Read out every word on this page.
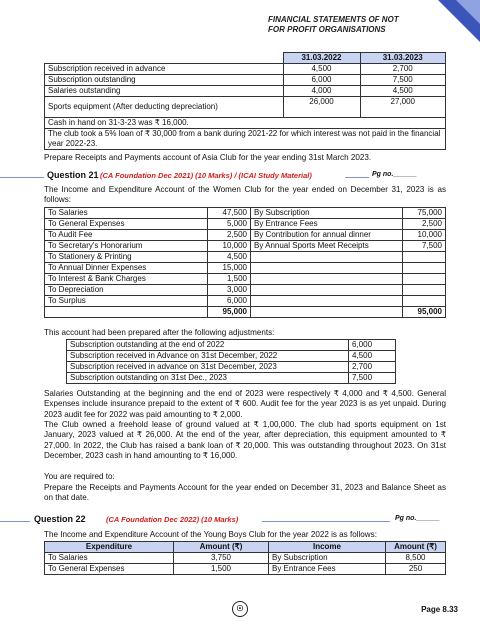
FINANCIAL STATEMENTS OF NOT
FOR PROFIT ORGANISATIONS
	31.03.2022	31.03.2023
Subscription received in advance	4,500	2,700
Subscription outstanding	6,000	7,500
Salaries outstanding	4,000	4,500
Sports equipment (After deducting depreciation)	26,000	27,000
Cash in hand on 31-3-23 was ₹ 16,000.		
The club took a 5% loan of ₹ 30,000 from a bank during 2021-22 for which interest was not paid in the financial year 2022-23.		
Prepare Receipts and Payments account of Asia Club for the year ending 31st March 2023.
Question 21 (CA Foundation Dec 2021) (10 Marks) / (ICAI Study Material)	Pg no.______
The Income and Expenditure Account of the Women Club for the year ended on December 31, 2023 is as follows:
To Salaries	47,500	By Subscription	75,000
To General Expenses	5,000	By Entrance Fees	2,500
To Audit Fee	2,500	By Contribution for annual dinner	10,000
To Secretary's Honorarium	10,000	By Annual Sports Meet Receipts	7,500
To Stationery & Printing	4,500		
To Annual Dinner Expenses	15,000		
To Interest & Bank Charges	1,500		
To Depreciation	3,000		
To Surplus	6,000		
	95,000		95,000
This account had been prepared after the following adjustments:
Subscription outstanding at the end of 2022	6,000
Subscription received in Advance on 31st December, 2022	4,500
Subscription received in advance on 31st December, 2023	2,700
Subscription outstanding on 31st Dec., 2023	7,500
Salaries Outstanding at the beginning and the end of 2023 were respectively ₹ 4,000 and ₹ 4,500. General Expenses include insurance prepaid to the extent of ₹ 600. Audit fee for the year 2023 is as yet unpaid. During 2023 audit fee for 2022 was paid amounting to ₹ 2,000.
The Club owned a freehold lease of ground valued at ₹ 1,00,000. The club had sports equipment on 1st January, 2023 valued at ₹ 26,000. At the end of the year, after depreciation, this equipment amounted to ₹ 27,000. In 2022, the Club has raised a bank loan of ₹ 20,000. This was outstanding throughout 2023. On 31st December, 2023 cash in hand amounting to ₹ 16,000.
You are required to:
Prepare the Receipts and Payments Account for the year ended on December 31, 2023 and Balance Sheet as on that date.
Question 22	(CA Foundation Dec 2022) (10 Marks)	Pg no.______
The Income and Expenditure Account of the Young Boys Club for the year 2022 is as follows:
Expenditure	Amount (₹)	Income	Amount (₹)
To Salaries	3,750	By Subscription	8,500
To General Expenses	1,500	By Entrance Fees	250
☉	Page 8.33
